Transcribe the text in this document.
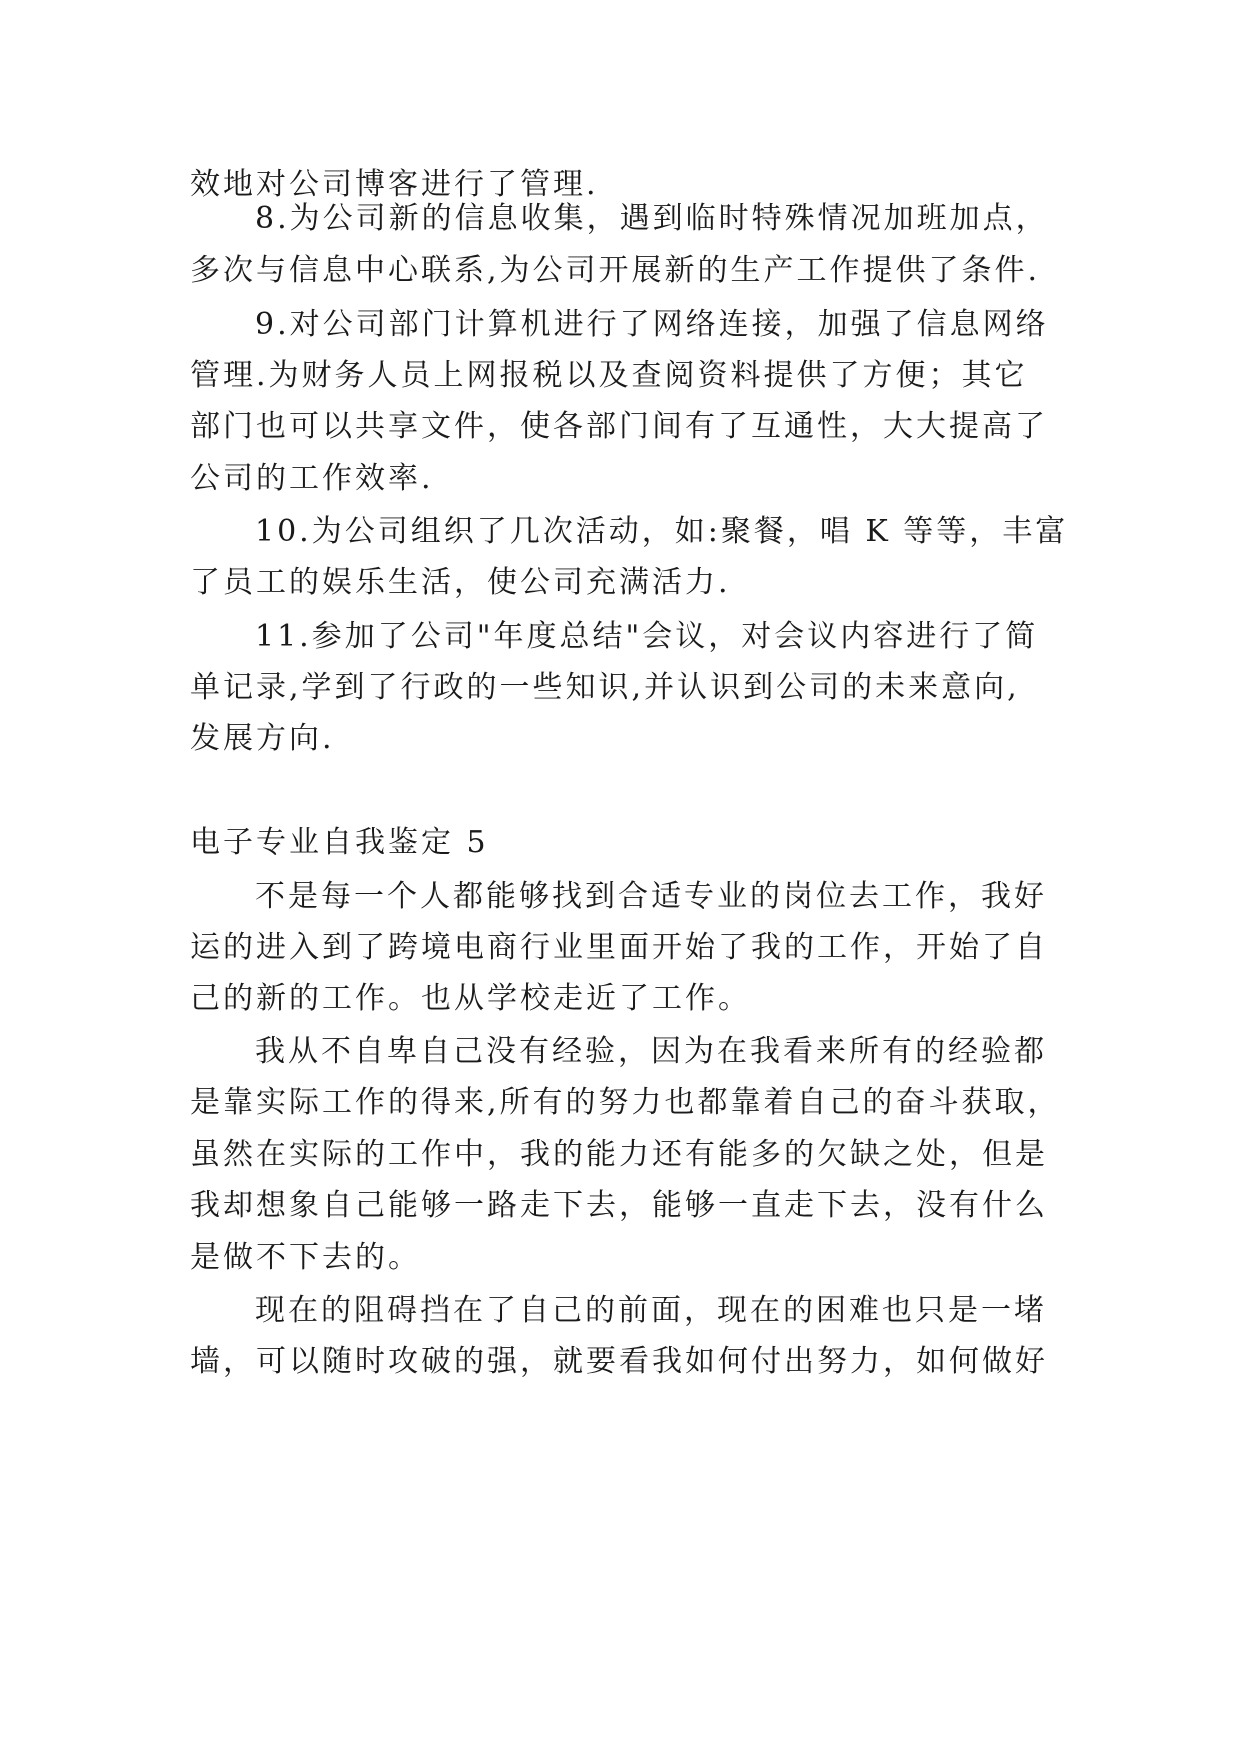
效地对公司博客进行了管理.
8.为公司新的信息收集，遇到临时特殊情况加班加点，
多次与信息中心联系,为公司开展新的生产工作提供了条件.
9.对公司部门计算机进行了网络连接，加强了信息网络
管理.为财务人员上网报税以及查阅资料提供了方便；其它
部门也可以共享文件，使各部门间有了互通性，大大提高了
公司的工作效率.
10.为公司组织了几次活动，如:聚餐，唱 K 等等，丰富
了员工的娱乐生活，使公司充满活力.
11.参加了公司"年度总结"会议，对会议内容进行了简
单记录,学到了行政的一些知识,并认识到公司的未来意向,
发展方向.
电子专业自我鉴定 5
不是每一个人都能够找到合适专业的岗位去工作，我好
运的进入到了跨境电商行业里面开始了我的工作，开始了自
己的新的工作。也从学校走近了工作。
我从不自卑自己没有经验，因为在我看来所有的经验都
是靠实际工作的得来,所有的努力也都靠着自己的奋斗获取，
虽然在实际的工作中，我的能力还有能多的欠缺之处，但是
我却想象自己能够一路走下去，能够一直走下去，没有什么
是做不下去的。
现在的阻碍挡在了自己的前面，现在的困难也只是一堵
墙，可以随时攻破的强，就要看我如何付出努力，如何做好
